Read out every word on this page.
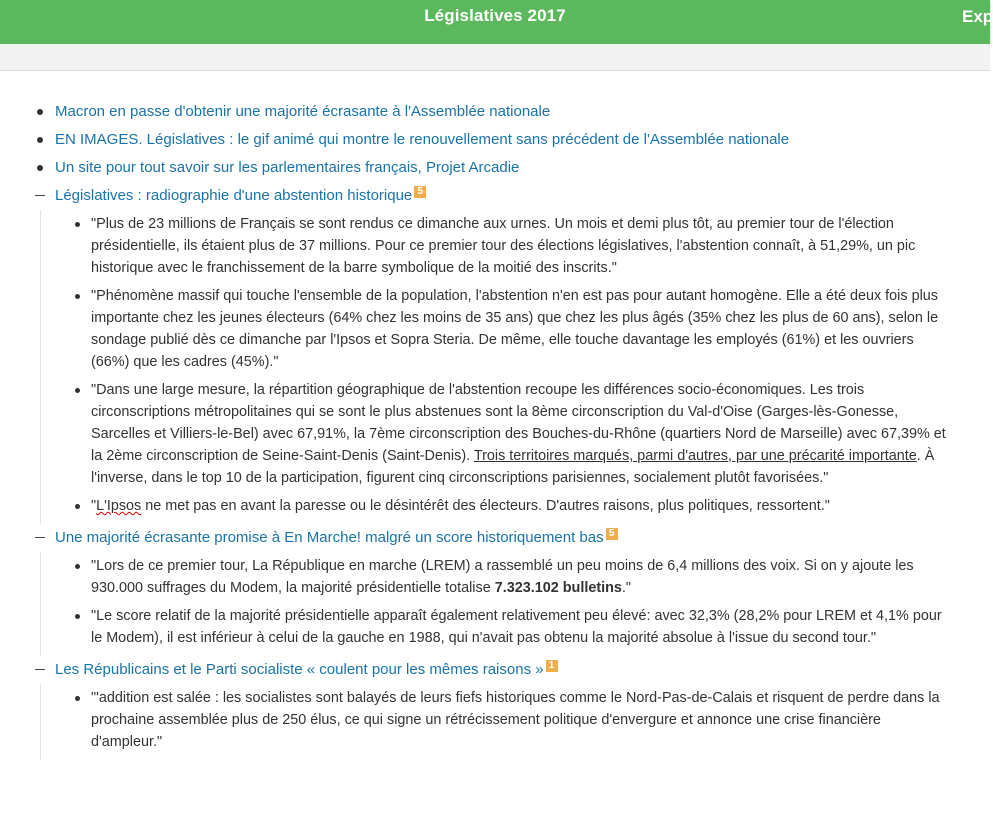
Législatives 2017	Exp
Macron en passe d'obtenir une majorité écrasante à l'Assemblée nationale
EN IMAGES. Législatives : le gif animé qui montre le renouvellement sans précédent de l'Assemblée nationale
Un site pour tout savoir sur les parlementaires français, Projet Arcadie
Législatives : radiographie d'une abstention historique 5
"Plus de 23 millions de Français se sont rendus ce dimanche aux urnes. Un mois et demi plus tôt, au premier tour de l'élection présidentielle, ils étaient plus de 37 millions. Pour ce premier tour des élections législatives, l'abstention connaît, à 51,29%, un pic historique avec le franchissement de la barre symbolique de la moitié des inscrits."
"Phénomène massif qui touche l'ensemble de la population, l'abstention n'en est pas pour autant homogène. Elle a été deux fois plus importante chez les jeunes électeurs (64% chez les moins de 35 ans) que chez les plus âgés (35% chez les plus de 60 ans), selon le sondage publié dès ce dimanche par l'Ipsos et Sopra Steria. De même, elle touche davantage les employés (61%) et les ouvriers (66%) que les cadres (45%)."
"Dans une large mesure, la répartition géographique de l'abstention recoupe les différences socio-économiques. Les trois circonscriptions métropolitaines qui se sont le plus abstenues sont la 8ème circonscription du Val-d'Oise (Garges-lès-Gonesse, Sarcelles et Villiers-le-Bel) avec 67,91%, la 7ème circonscription des Bouches-du-Rhône (quartiers Nord de Marseille) avec 67,39% et la 2ème circonscription de Seine-Saint-Denis (Saint-Denis). Trois territoires marqués, parmi d'autres, par une précarité importante. À l'inverse, dans le top 10 de la participation, figurent cinq circonscriptions parisiennes, socialement plutôt favorisées."
"L'Ipsos ne met pas en avant la paresse ou le désintérêt des électeurs. D'autres raisons, plus politiques, ressortent."
Une majorité écrasante promise à En Marche! malgré un score historiquement bas 5
"Lors de ce premier tour, La République en marche (LREM) a rassemblé un peu moins de 6,4 millions des voix. Si on y ajoute les 930.000 suffrages du Modem, la majorité présidentielle totalise 7.323.102 bulletins."
"Le score relatif de la majorité présidentielle apparaît également relativement peu élevé: avec 32,3% (28,2% pour LREM et 4,1% pour le Modem), il est inférieur à celui de la gauche en 1988, qui n'avait pas obtenu la majorité absolue à l'issue du second tour."
Les Républicains et le Parti socialiste « coulent pour les mêmes raisons » 1
"'addition est salée : les socialistes sont balayés de leurs fiefs historiques comme le Nord-Pas-de-Calais et risquent de perdre dans la prochaine assemblée plus de 250 élus, ce qui signe un rétrécissement politique d'envergure et annonce une crise financière d'ampleur."
